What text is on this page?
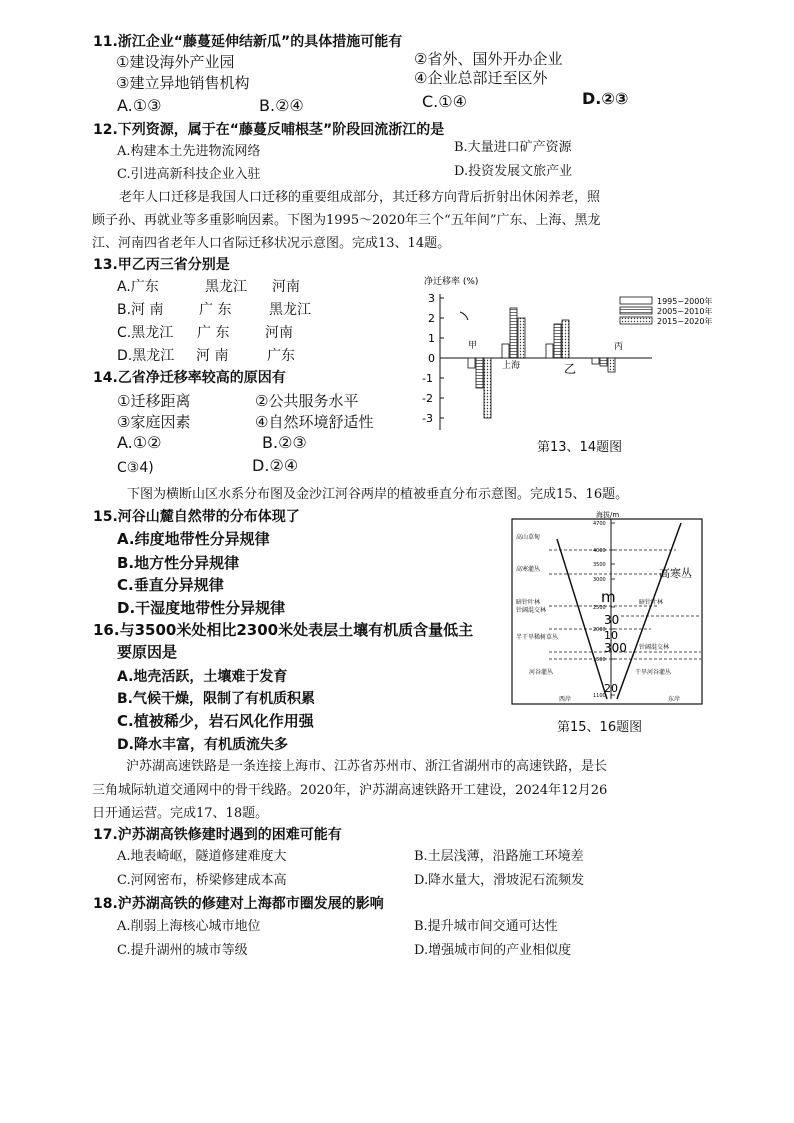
11.浙江企业“藤蔓延伸结新瓜”的具体措施可能有
①建设海外产业园	②省外、国外开办企业
③建立异地销售机构	④企业总部迁至区外
A.①③	B.②④	C.①④	D.②③
12.下列资源，属于在“藤蔓反哺根茎”阶段回流浙江的是
A.构建本土先进物流网络	B.大量进口矿产资源
C.引进高新科技企业入驻	D.投资发展文旅产业
老年人口迁移是我国人口迁移的重要组成部分，其迁移方向背后折射出休闲养老，照
顾子孙、再就业等多重影响因素。下图为1995～2020年三个“五年间”广东、上海、黑龙
江、河南四省老年人口省际迁移状况示意图。完成13、14题。
13.甲乙丙三省分别是
A.广东	黑龙江 河南
B.河 南	广 东	黑龙江
C.黑龙江 广 东	河南
D.黑龙江 河 南	广东
14.乙省净迁移率较高的原因有
①迁移距离	②公共服务水平
③家庭因素	④自然环境舒适性
A.①②	B.②③
C③4)	D.②④
净迁移率 (%)
3
2
1
0
-1
-2
-3
甲
上海	乙
丙
1995~2000年
2005~2010年
2015~2020年
第13、14题图
下图为横断山区水系分布图及金沙江河谷两岸的植被垂直分布示意图。完成15、16题。
15.河谷山麓自然带的分布体现了
A.纬度地带性分异规律
B.地方性分异规律
C.垂直分异规律
D.干湿度地带性分异规律
16.与3500米处相比2300米处表层土壤有机质含量低主
要原因是
A.地壳活跃，土壤难于发育
B.气候干燥，限制了有机质积累
C.植被稀少，岩石风化作用强
D.降水丰富，有机质流失多
海拔/m
4700
4000
3500
3000
2500
2000
1500
1100
高山草甸
高寒灌丛
暗针叶林
针阔混交林
半干旱稀树草丛
河谷灌丛
高寒丛
暗针叶林
针阔混交林
干旱河谷灌丛
m
30
10
300
20
西岸	东岸
第15、16题图
沪苏湖高速铁路是一条连接上海市、江苏省苏州市、浙江省湖州市的高速铁路，是长
三角城际轨道交通网中的骨干线路。2020年，沪苏湖高速铁路开工建设，2024年12月26
日开通运营。完成17、18题。
17.沪苏湖高铁修建时遇到的困难可能有
A.地表崎岖，隧道修建难度大	B.土层浅薄，沿路施工环境差
C.河网密布，桥梁修建成本高	D.降水量大，滑坡泥石流频发
18.沪苏湖高铁的修建对上海都市圈发展的影响
A.削弱上海核心城市地位	B.提升城市间交通可达性
C.提升湖州的城市等级	D.增强城市间的产业相似度
